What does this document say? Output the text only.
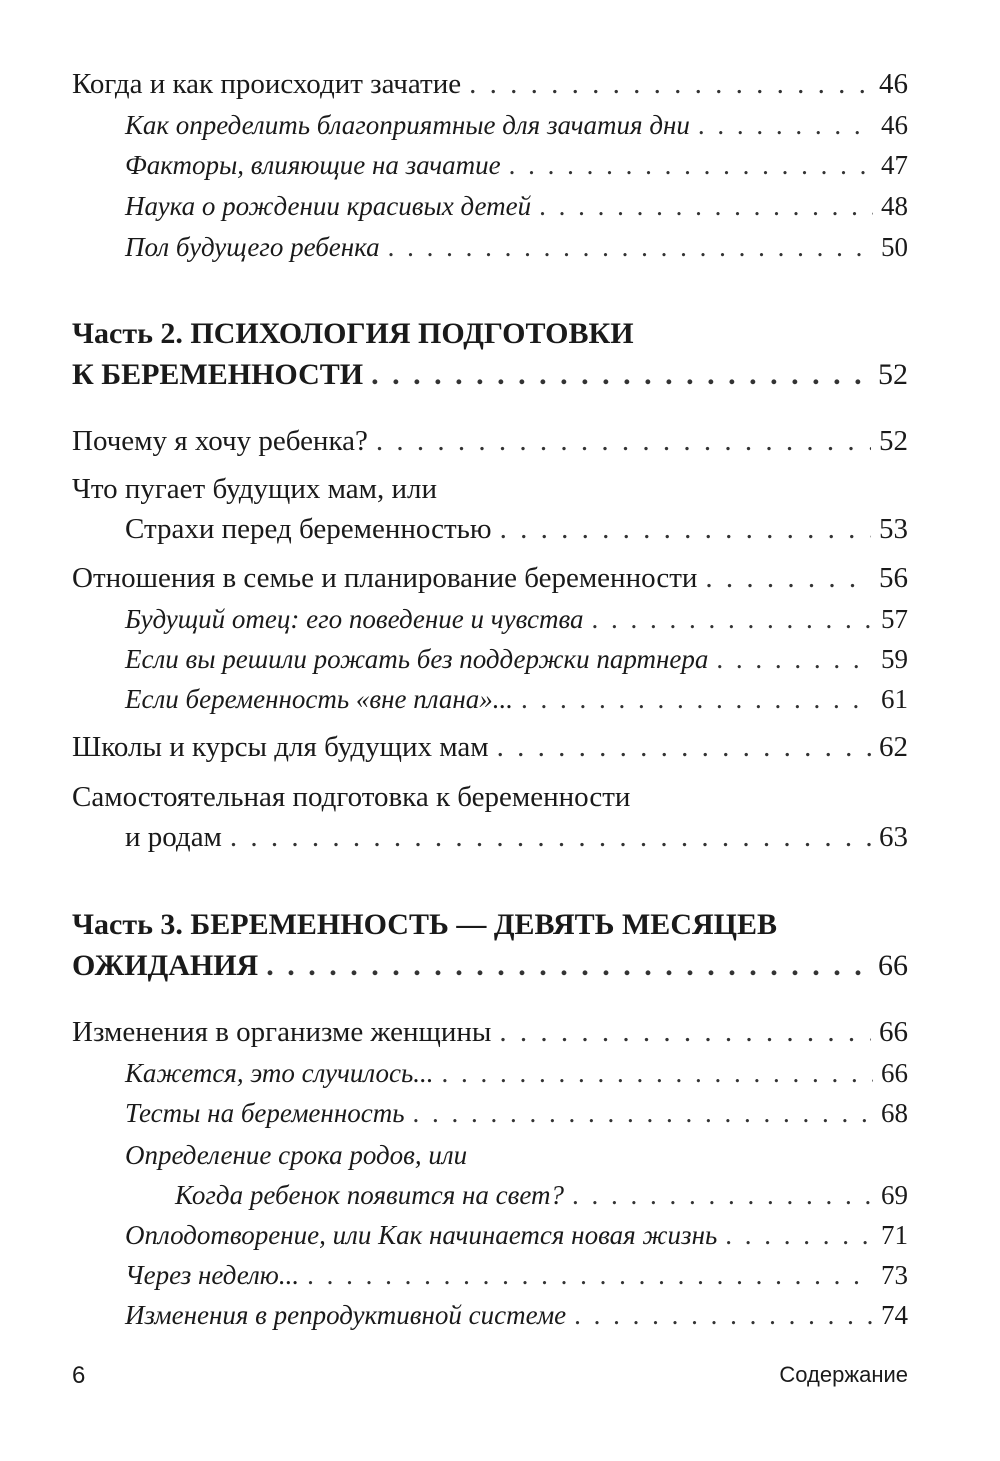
Когда и как происходит зачатие . . .	46
Как определить благоприятные для зачатия дни . . .	46
Факторы, влияющие на зачатие . . .	47
Наука о рождении красивых детей . . .	48
Пол будущего ребенка . . .	50
Часть 2. ПСИХОЛОГИЯ ПОДГОТОВКИ
К БЕРЕМЕННОСТИ . . .	52
Почему я хочу ребенка? . . .	52
Что пугает будущих мам, или
Страхи перед беременностью . . .	53
Отношения в семье и планирование беременности . . .	56
Будущий отец: его поведение и чувства . . .	57
Если вы решили рожать без поддержки партнера . . .	59
Если беременность «вне плана»... . . .	61
Школы и курсы для будущих мам . . .	62
Самостоятельная подготовка к беременности
и родам . . .	63
Часть 3. БЕРЕМЕННОСТЬ — ДЕВЯТЬ МЕСЯЦЕВ
ОЖИДАНИЯ . . .	66
Изменения в организме женщины . . .	66
Кажется, это случилось... . . .	66
Тесты на беременность . . .	68
Определение срока родов, или
Когда ребенок появится на свет? . . .	69
Оплодотворение, или Как начинается новая жизнь . . .	71
Через неделю... . . .	73
Изменения в репродуктивной системе . . .	74
6	Содержание
